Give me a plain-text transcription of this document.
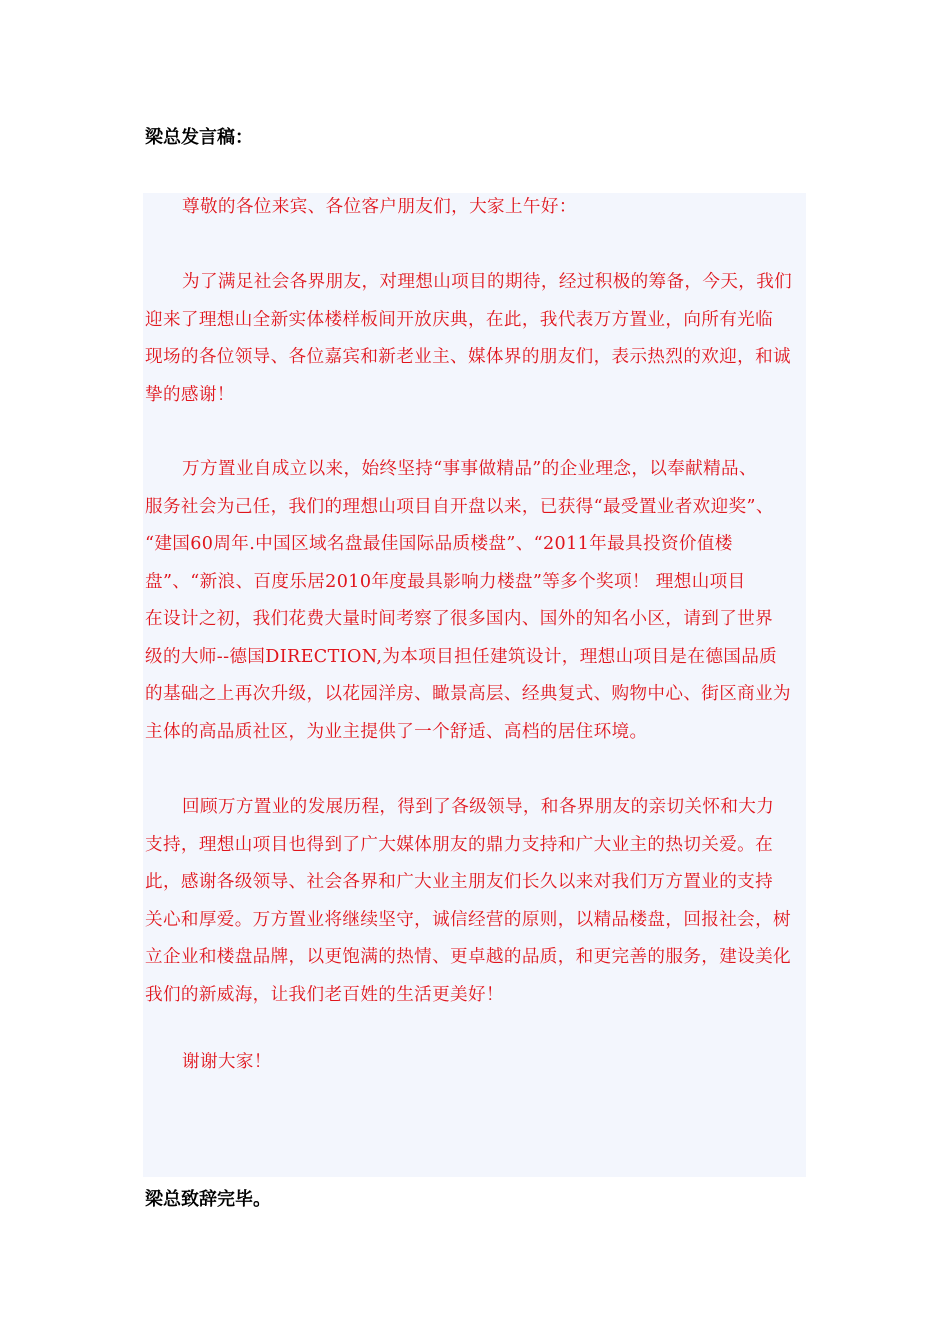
梁总发言稿：
尊敬的各位来宾、各位客户朋友们，大家上午好：
为了满足社会各界朋友，对理想山项目的期待，经过积极的筹备，今天，我们
迎来了理想山全新实体楼样板间开放庆典，在此，我代表万方置业，向所有光临
现场的各位领导、各位嘉宾和新老业主、媒体界的朋友们，表示热烈的欢迎，和诚
挚的感谢！
万方置业自成立以来，始终坚持“事事做精品”的企业理念，以奉献精品、
服务社会为己任，我们的理想山项目自开盘以来，已获得“最受置业者欢迎奖”、
“建国60周年.中国区域名盘最佳国际品质楼盘”、“2011年最具投资价值楼
盘”、“新浪、百度乐居2010年度最具影响力楼盘”等多个奖项！ 理想山项目
在设计之初，我们花费大量时间考察了很多国内、国外的知名小区，请到了世界
级的大师--德国DIRECTION,为本项目担任建筑设计，理想山项目是在德国品质
的基础之上再次升级，以花园洋房、瞰景高层、经典复式、购物中心、街区商业为
主体的高品质社区，为业主提供了一个舒适、高档的居住环境。
回顾万方置业的发展历程，得到了各级领导，和各界朋友的亲切关怀和大力
支持，理想山项目也得到了广大媒体朋友的鼎力支持和广大业主的热切关爱。在
此，感谢各级领导、社会各界和广大业主朋友们长久以来对我们万方置业的支持
关心和厚爱。万方置业将继续坚守，诚信经营的原则，以精品楼盘，回报社会，树
立企业和楼盘品牌，以更饱满的热情、更卓越的品质，和更完善的服务，建设美化
我们的新威海，让我们老百姓的生活更美好！
谢谢大家！
梁总致辞完毕。
